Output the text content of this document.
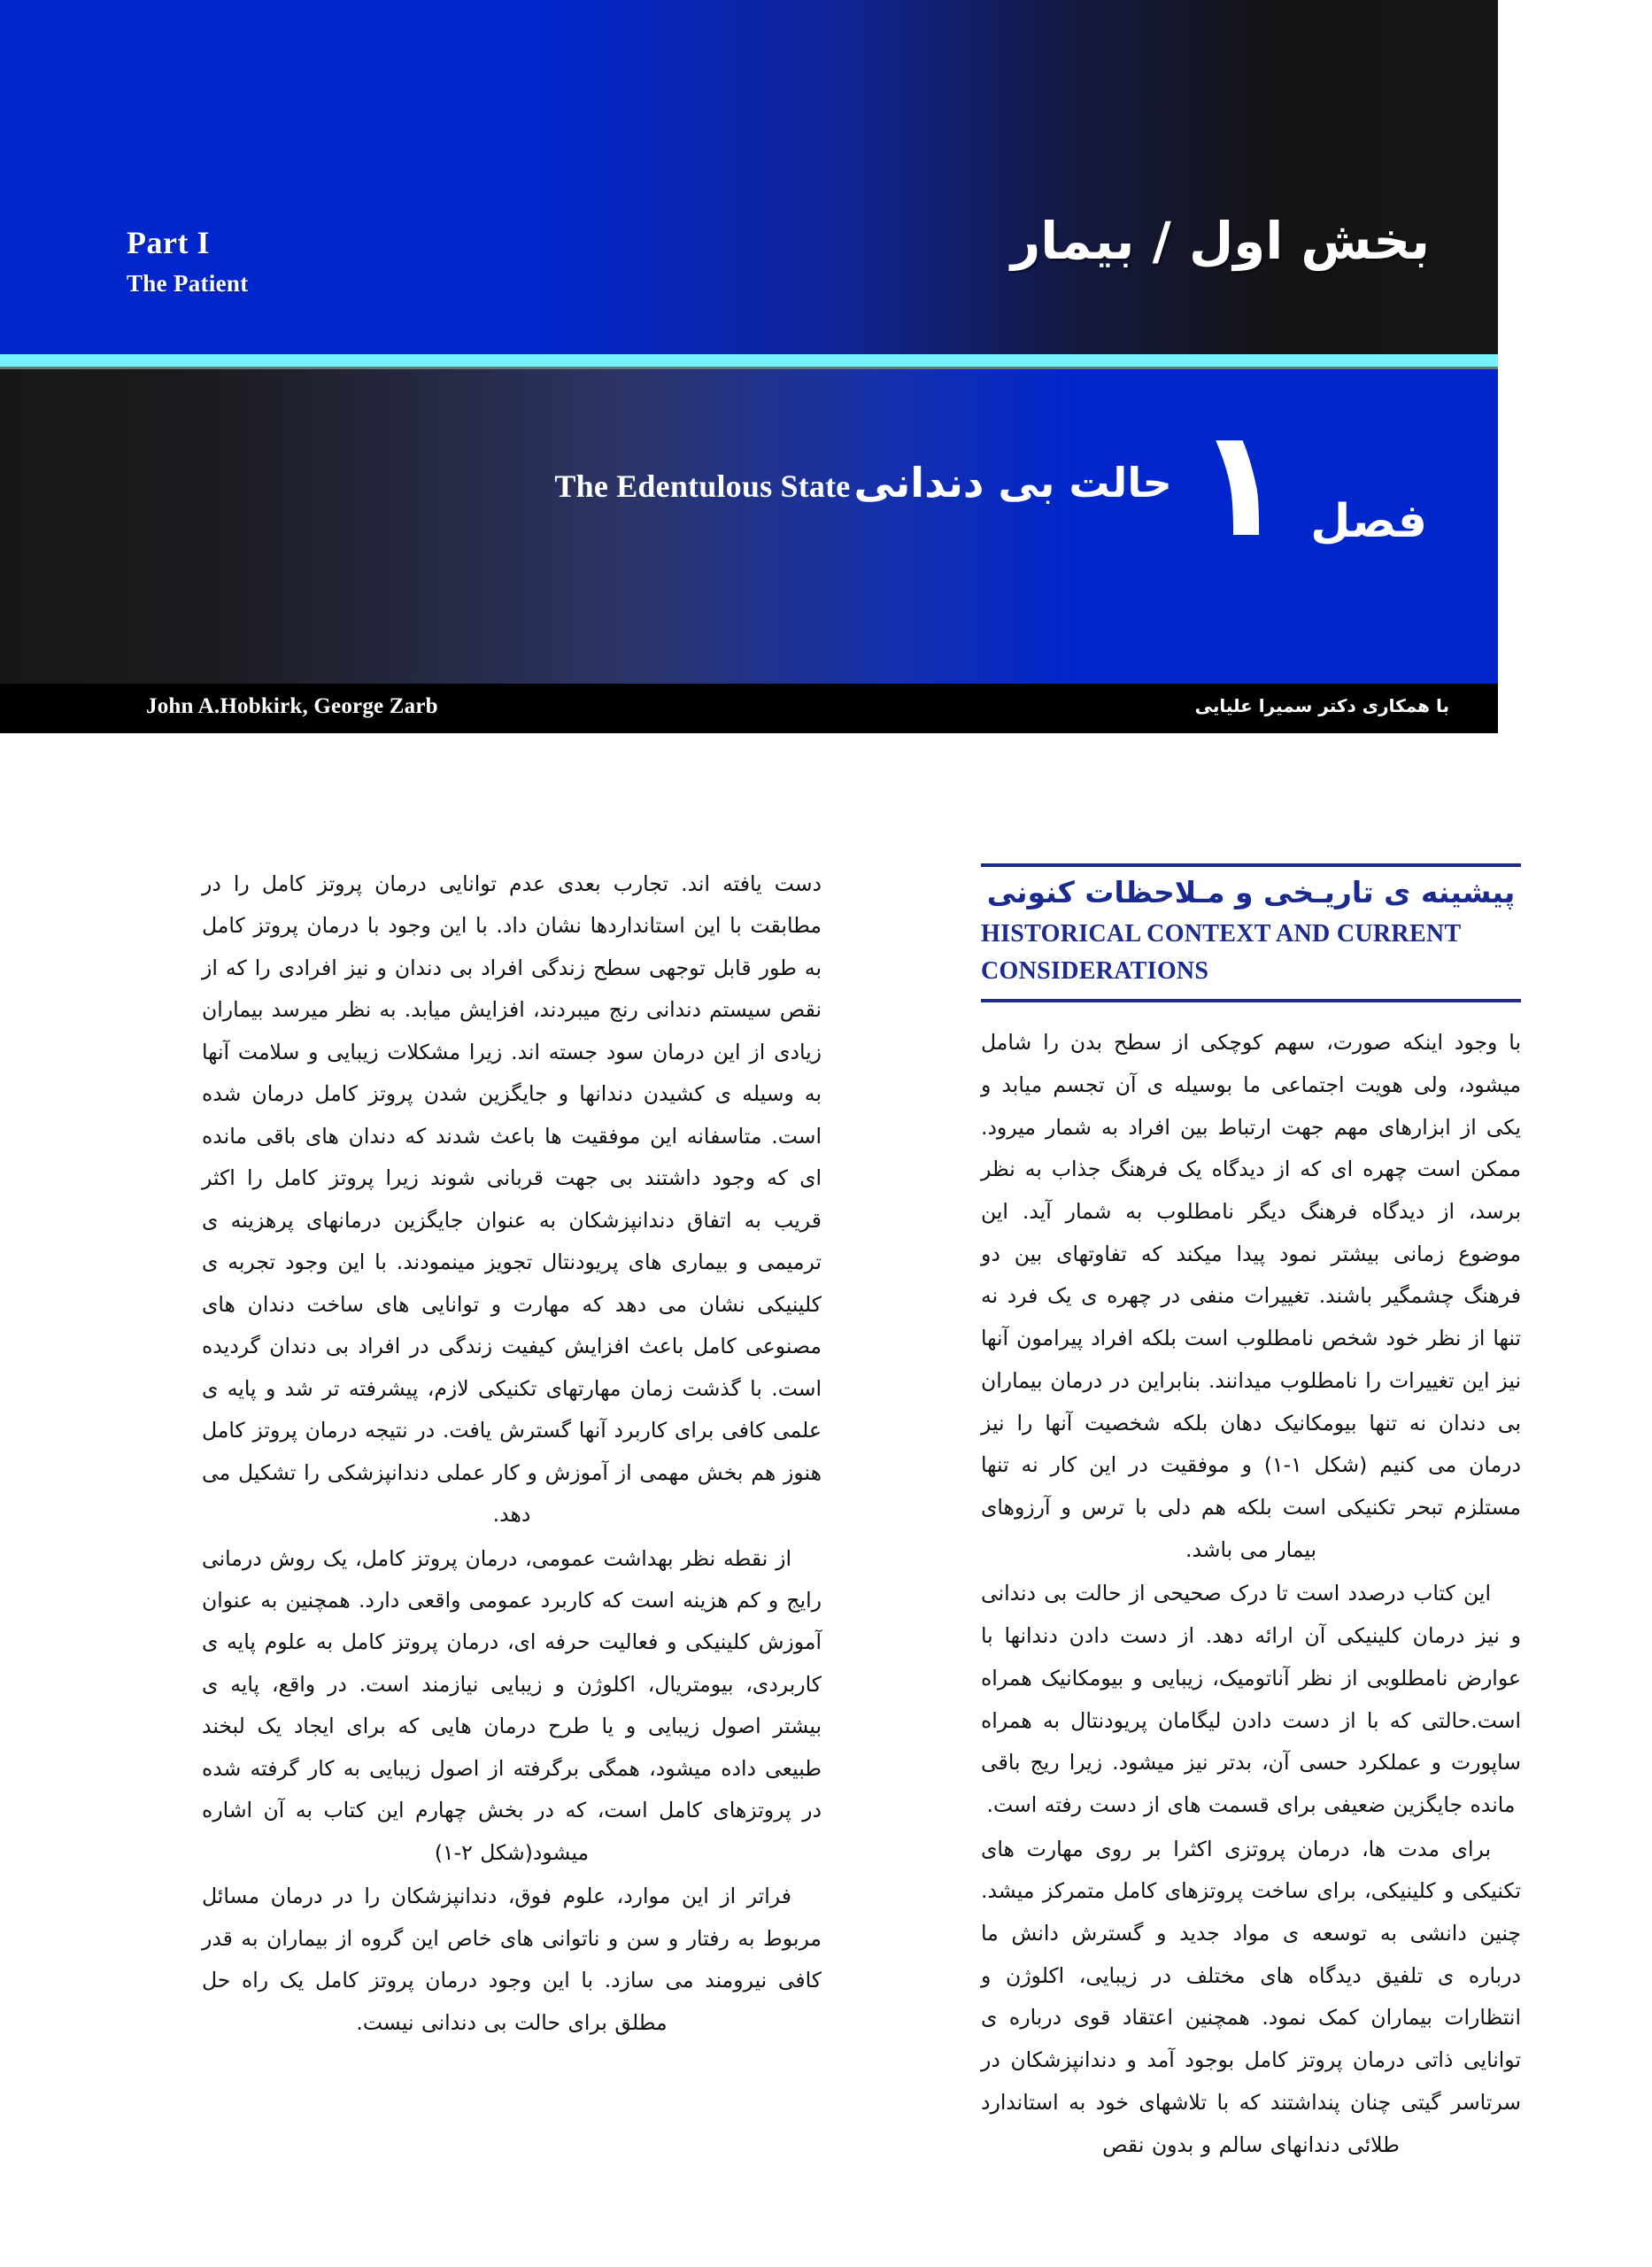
Part I
The Patient
بخش اول / بیمار
فصل
۱
حالت بی دندانی The Edentulous State
John A.Hobkirk, George Zarb	با همکاری دکتر سمیرا علیایی
پیشینه ی تاریـخی و مـلاحظات کنونی
HISTORICAL CONTEXT AND CURRENT CONSIDERATIONS

با وجود اینکه صورت، سهم کوچکی از سطح بدن را شامل میشود، ولی هویت اجتماعی ما بوسیله ی آن تجسم میابد و یکی از ابزارهای مهم جهت ارتباط بین افراد به شمار میرود. ممکن است چهره ای که از دیدگاه یک فرهنگ جذاب به نظر برسد، از دیدگاه فرهنگ دیگر نامطلوب به شمار آید. این موضوع زمانی بیشتر نمود پیدا میکند که تفاوتهای بین دو فرهنگ چشمگیر باشند. تغییرات منفی در چهره ی یک فرد نه تنها از نظر خود شخص نامطلوب است بلکه افراد پیرامون آنها نیز این تغییرات را نامطلوب میدانند. بنابراین در درمان بیماران بی دندان نه تنها بیومکانیک دهان بلکه شخصیت آنها را نیز درمان می کنیم (شکل ۱-۱) و موفقیت در این کار نه تنها مستلزم تبحر تکنیکی است بلکه هم دلی با ترس و آرزوهای بیمار می باشد.

این کتاب درصدد است تا درک صحیحی از حالت بی دندانی و نیز درمان کلینیکی آن ارائه دهد. از دست دادن دندانها با عوارض نامطلوبی از نظر آناتومیک، زیبایی و بیومکانیک همراه است.حالتی که با از دست دادن لیگامان پریودنتال به همراه ساپورت و عملکرد حسی آن، بدتر نیز میشود. زیرا ریج باقی مانده جایگزین ضعیفی برای قسمت های از دست رفته است.

برای مدت ها، درمان پروتزی اکثرا بر روی مهارت های تکنیکی و کلینیکی، برای ساخت پروتزهای کامل متمرکز میشد. چنین دانشی به توسعه ی مواد جدید و گسترش دانش ما درباره ی تلفیق دیدگاه های مختلف در زیبایی، اکلوژن و انتظارات بیماران کمک نمود. همچنین اعتقاد قوی درباره ی توانایی ذاتی درمان پروتز کامل بوجود آمد و دندانپزشکان در سرتاسر گیتی چنان پنداشتند که با تلاشهای خود به استاندارد طلائی دندانهای سالم و بدون نقص

دست یافته اند. تجارب بعدی عدم توانایی درمان پروتز کامل را در مطابقت با این استانداردها نشان داد. با این وجود با درمان پروتز کامل به طور قابل توجهی سطح زندگی افراد بی دندان و نیز افرادی را که از نقص سیستم دندانی رنج میبردند، افزایش میابد. به نظر میرسد بیماران زیادی از این درمان سود جسته اند. زیرا مشکلات زیبایی و سلامت آنها به وسیله ی کشیدن دندانها و جایگزین شدن پروتز کامل درمان شده است. متاسفانه این موفقیت ها باعث شدند که دندان های باقی مانده ای که وجود داشتند بی جهت قربانی شوند زیرا پروتز کامل را اکثر قریب به اتفاق دندانپزشکان به عنوان جایگزین درمانهای پرهزینه ی ترمیمی و بیماری های پریودنتال تجویز مینمودند. با این وجود تجربه ی کلینیکی نشان می دهد که مهارت و توانایی های ساخت دندان های مصنوعی کامل باعث افزایش کیفیت زندگی در افراد بی دندان گردیده است. با گذشت زمان مهارتهای تکنیکی لازم، پیشرفته تر شد و پایه ی علمی کافی برای کاربرد آنها گسترش یافت. در نتیجه درمان پروتز کامل هنوز هم بخش مهمی از آموزش و کار عملی دندانپزشکی را تشکیل می دهد.

از نقطه نظر بهداشت عمومی، درمان پروتز کامل، یک روش درمانی رایج و کم هزینه است که کاربرد عمومی واقعی دارد. همچنین به عنوان آموزش کلینیکی و فعالیت حرفه ای، درمان پروتز کامل به علوم پایه ی کاربردی، بیومتریال، اکلوژن و زیبایی نیازمند است. در واقع، پایه ی بیشتر اصول زیبایی و یا طرح درمان هایی که برای ایجاد یک لبخند طبیعی داده میشود، همگی برگرفته از اصول زیبایی به کار گرفته شده در پروتزهای کامل است، که در بخش چهارم این کتاب به آن اشاره میشود(شکل ۲-۱)

فراتر از این موارد، علوم فوق، دندانپزشکان را در درمان مسائل مربوط به رفتار و سن و ناتوانی های خاص این گروه از بیماران به قدر کافی نیرومند می سازد. با این وجود درمان پروتز کامل یک راه حل مطلق برای حالت بی دندانی نیست.
